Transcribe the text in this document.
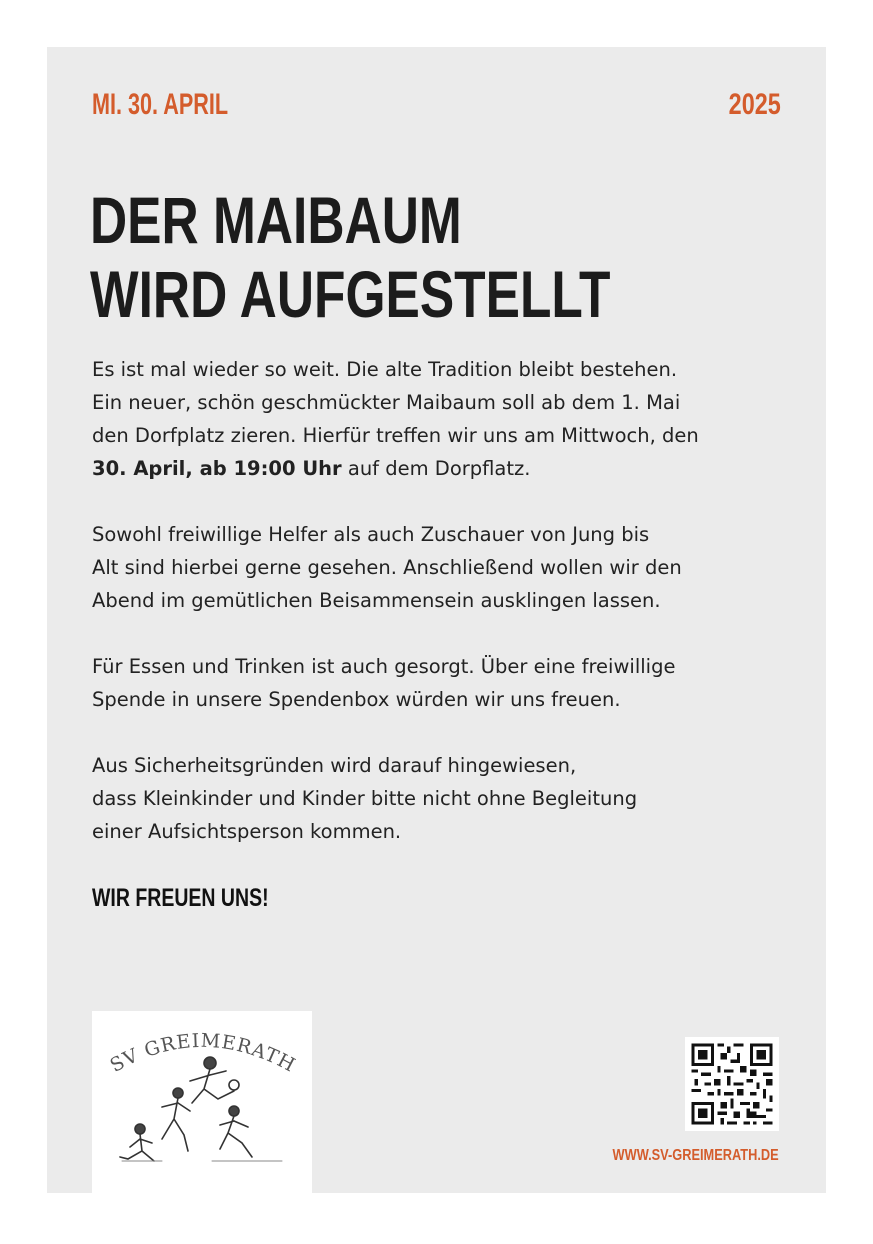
MI. 30. APRIL	2025
DER MAIBAUM
WIRD AUFGESTELLT

Es ist mal wieder so weit. Die alte Tradition bleibt bestehen.
Ein neuer, schön geschmückter Maibaum soll ab dem 1. Mai
den Dorfplatz zieren. Hierfür treffen wir uns am Mittwoch, den
30. April, ab 19:00 Uhr auf dem Dorpflatz.

Sowohl freiwillige Helfer als auch Zuschauer von Jung bis
Alt sind hierbei gerne gesehen. Anschließend wollen wir den
Abend im gemütlichen Beisammensein ausklingen lassen.

Für Essen und Trinken ist auch gesorgt. Über eine freiwillige
Spende in unsere Spendenbox würden wir uns freuen.

Aus Sicherheitsgründen wird darauf hingewiesen,
dass Kleinkinder und Kinder bitte nicht ohne Begleitung
einer Aufsichtsperson kommen.

WIR FREUEN UNS!
SV GREIMERATH
WWW.SV-GREIMERATH.DE
